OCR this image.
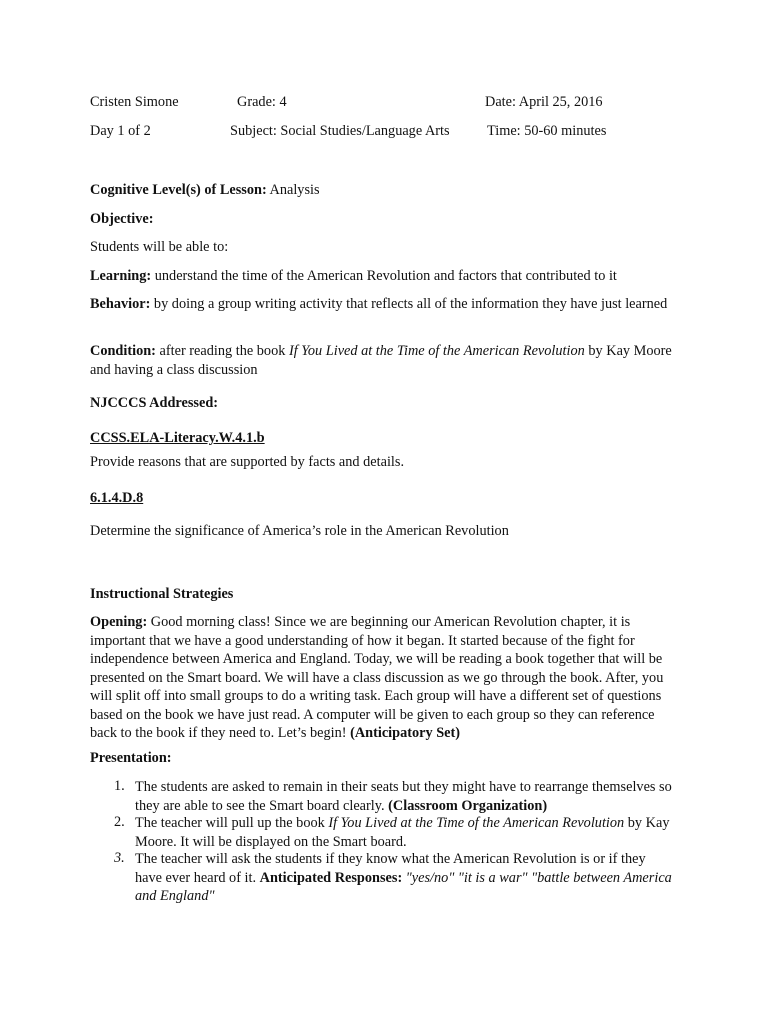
Cristen Simone	Grade: 4	Date: April 25, 2016
Day 1 of 2	Subject: Social Studies/Language Arts	Time: 50-60 minutes
Cognitive Level(s) of Lesson: Analysis
Objective:
Students will be able to:
Learning: understand the time of the American Revolution and factors that contributed to it
Behavior: by doing a group writing activity that reflects all of the information they have just learned
Condition: after reading the book If You Lived at the Time of the American Revolution by Kay Moore and having a class discussion
NJCCCS Addressed:
CCSS.ELA-Literacy.W.4.1.b
Provide reasons that are supported by facts and details.
6.1.4.D.8
Determine the significance of America’s role in the American Revolution
Instructional Strategies
Opening: Good morning class! Since we are beginning our American Revolution chapter, it is important that we have a good understanding of how it began. It started because of the fight for independence between America and England. Today, we will be reading a book together that will be presented on the Smart board. We will have a class discussion as we go through the book. After, you will split off into small groups to do a writing task. Each group will have a different set of questions based on the book we have just read. A computer will be given to each group so they can reference back to the book if they need to. Let’s begin! (Anticipatory Set)
Presentation:
1. The students are asked to remain in their seats but they might have to rearrange themselves so they are able to see the Smart board clearly. (Classroom Organization)
2. The teacher will pull up the book If You Lived at the Time of the American Revolution by Kay Moore. It will be displayed on the Smart board.
3. The teacher will ask the students if they know what the American Revolution is or if they have ever heard of it. Anticipated Responses: "yes/no" "it is a war" "battle between America and England"
